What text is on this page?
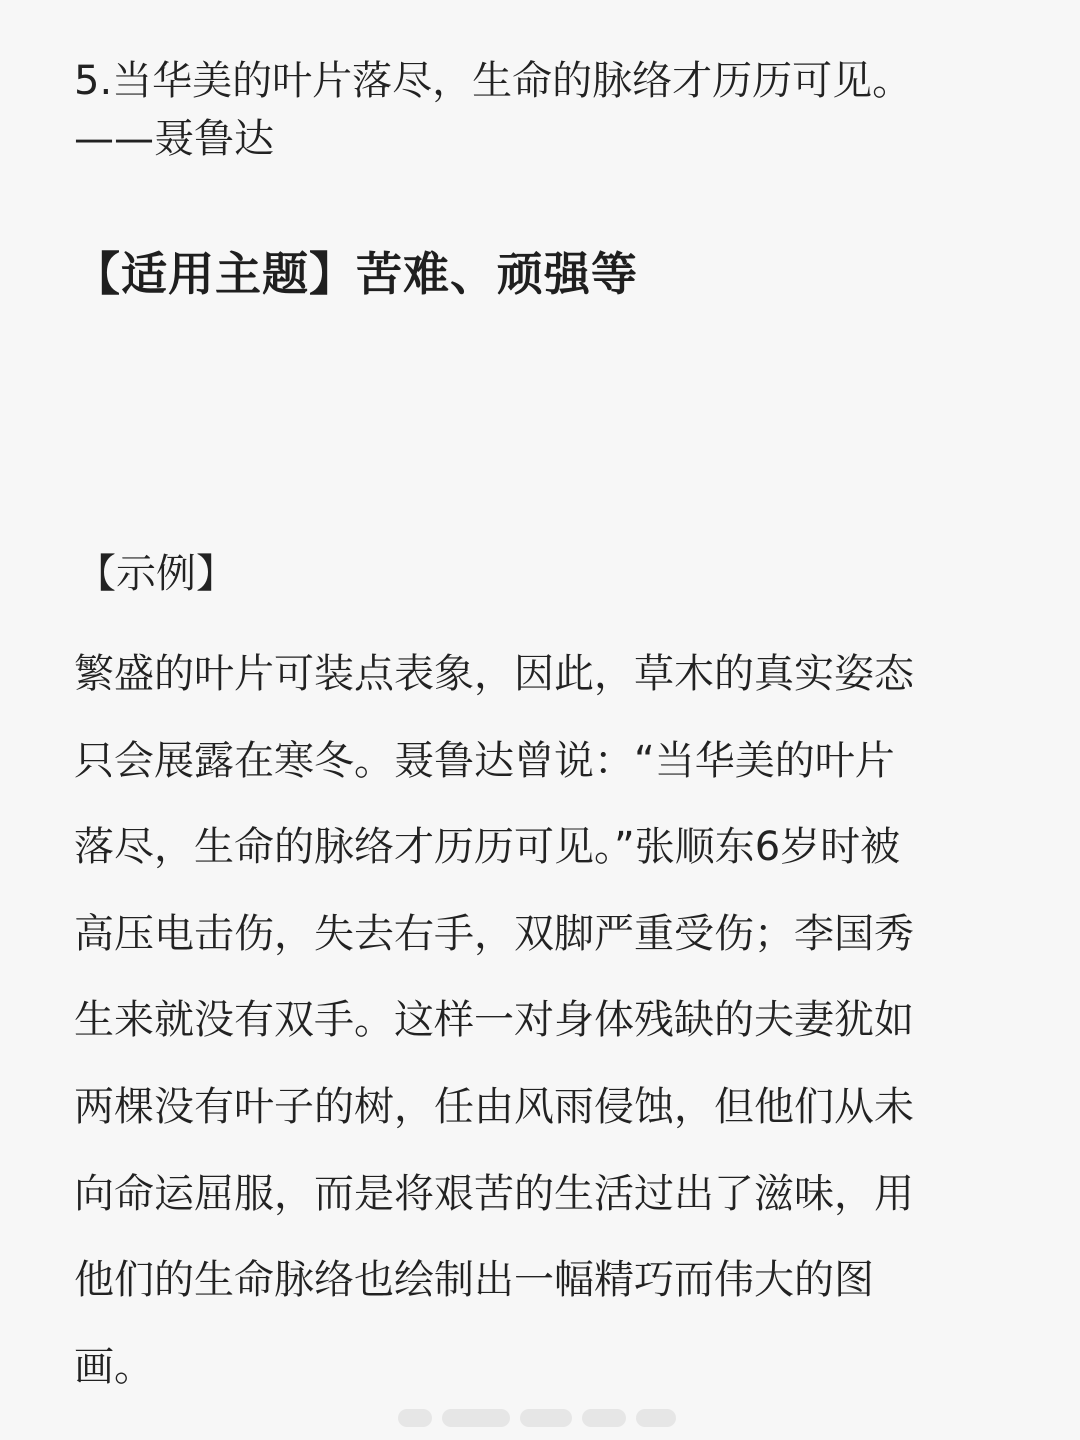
5.当华美的叶片落尽，生命的脉络才历历可见。
——聂鲁达
【适用主题】苦难、顽强等
【示例】
繁盛的叶片可装点表象，因此，草木的真实姿态
只会展露在寒冬。聂鲁达曾说：“当华美的叶片
落尽，生命的脉络才历历可见。”张顺东6岁时被
高压电击伤，失去右手，双脚严重受伤；李国秀
生来就没有双手。这样一对身体残缺的夫妻犹如
两棵没有叶子的树，任由风雨侵蚀，但他们从未
向命运屈服，而是将艰苦的生活过出了滋味，用
他们的生命脉络也绘制出一幅精巧而伟大的图
画。
